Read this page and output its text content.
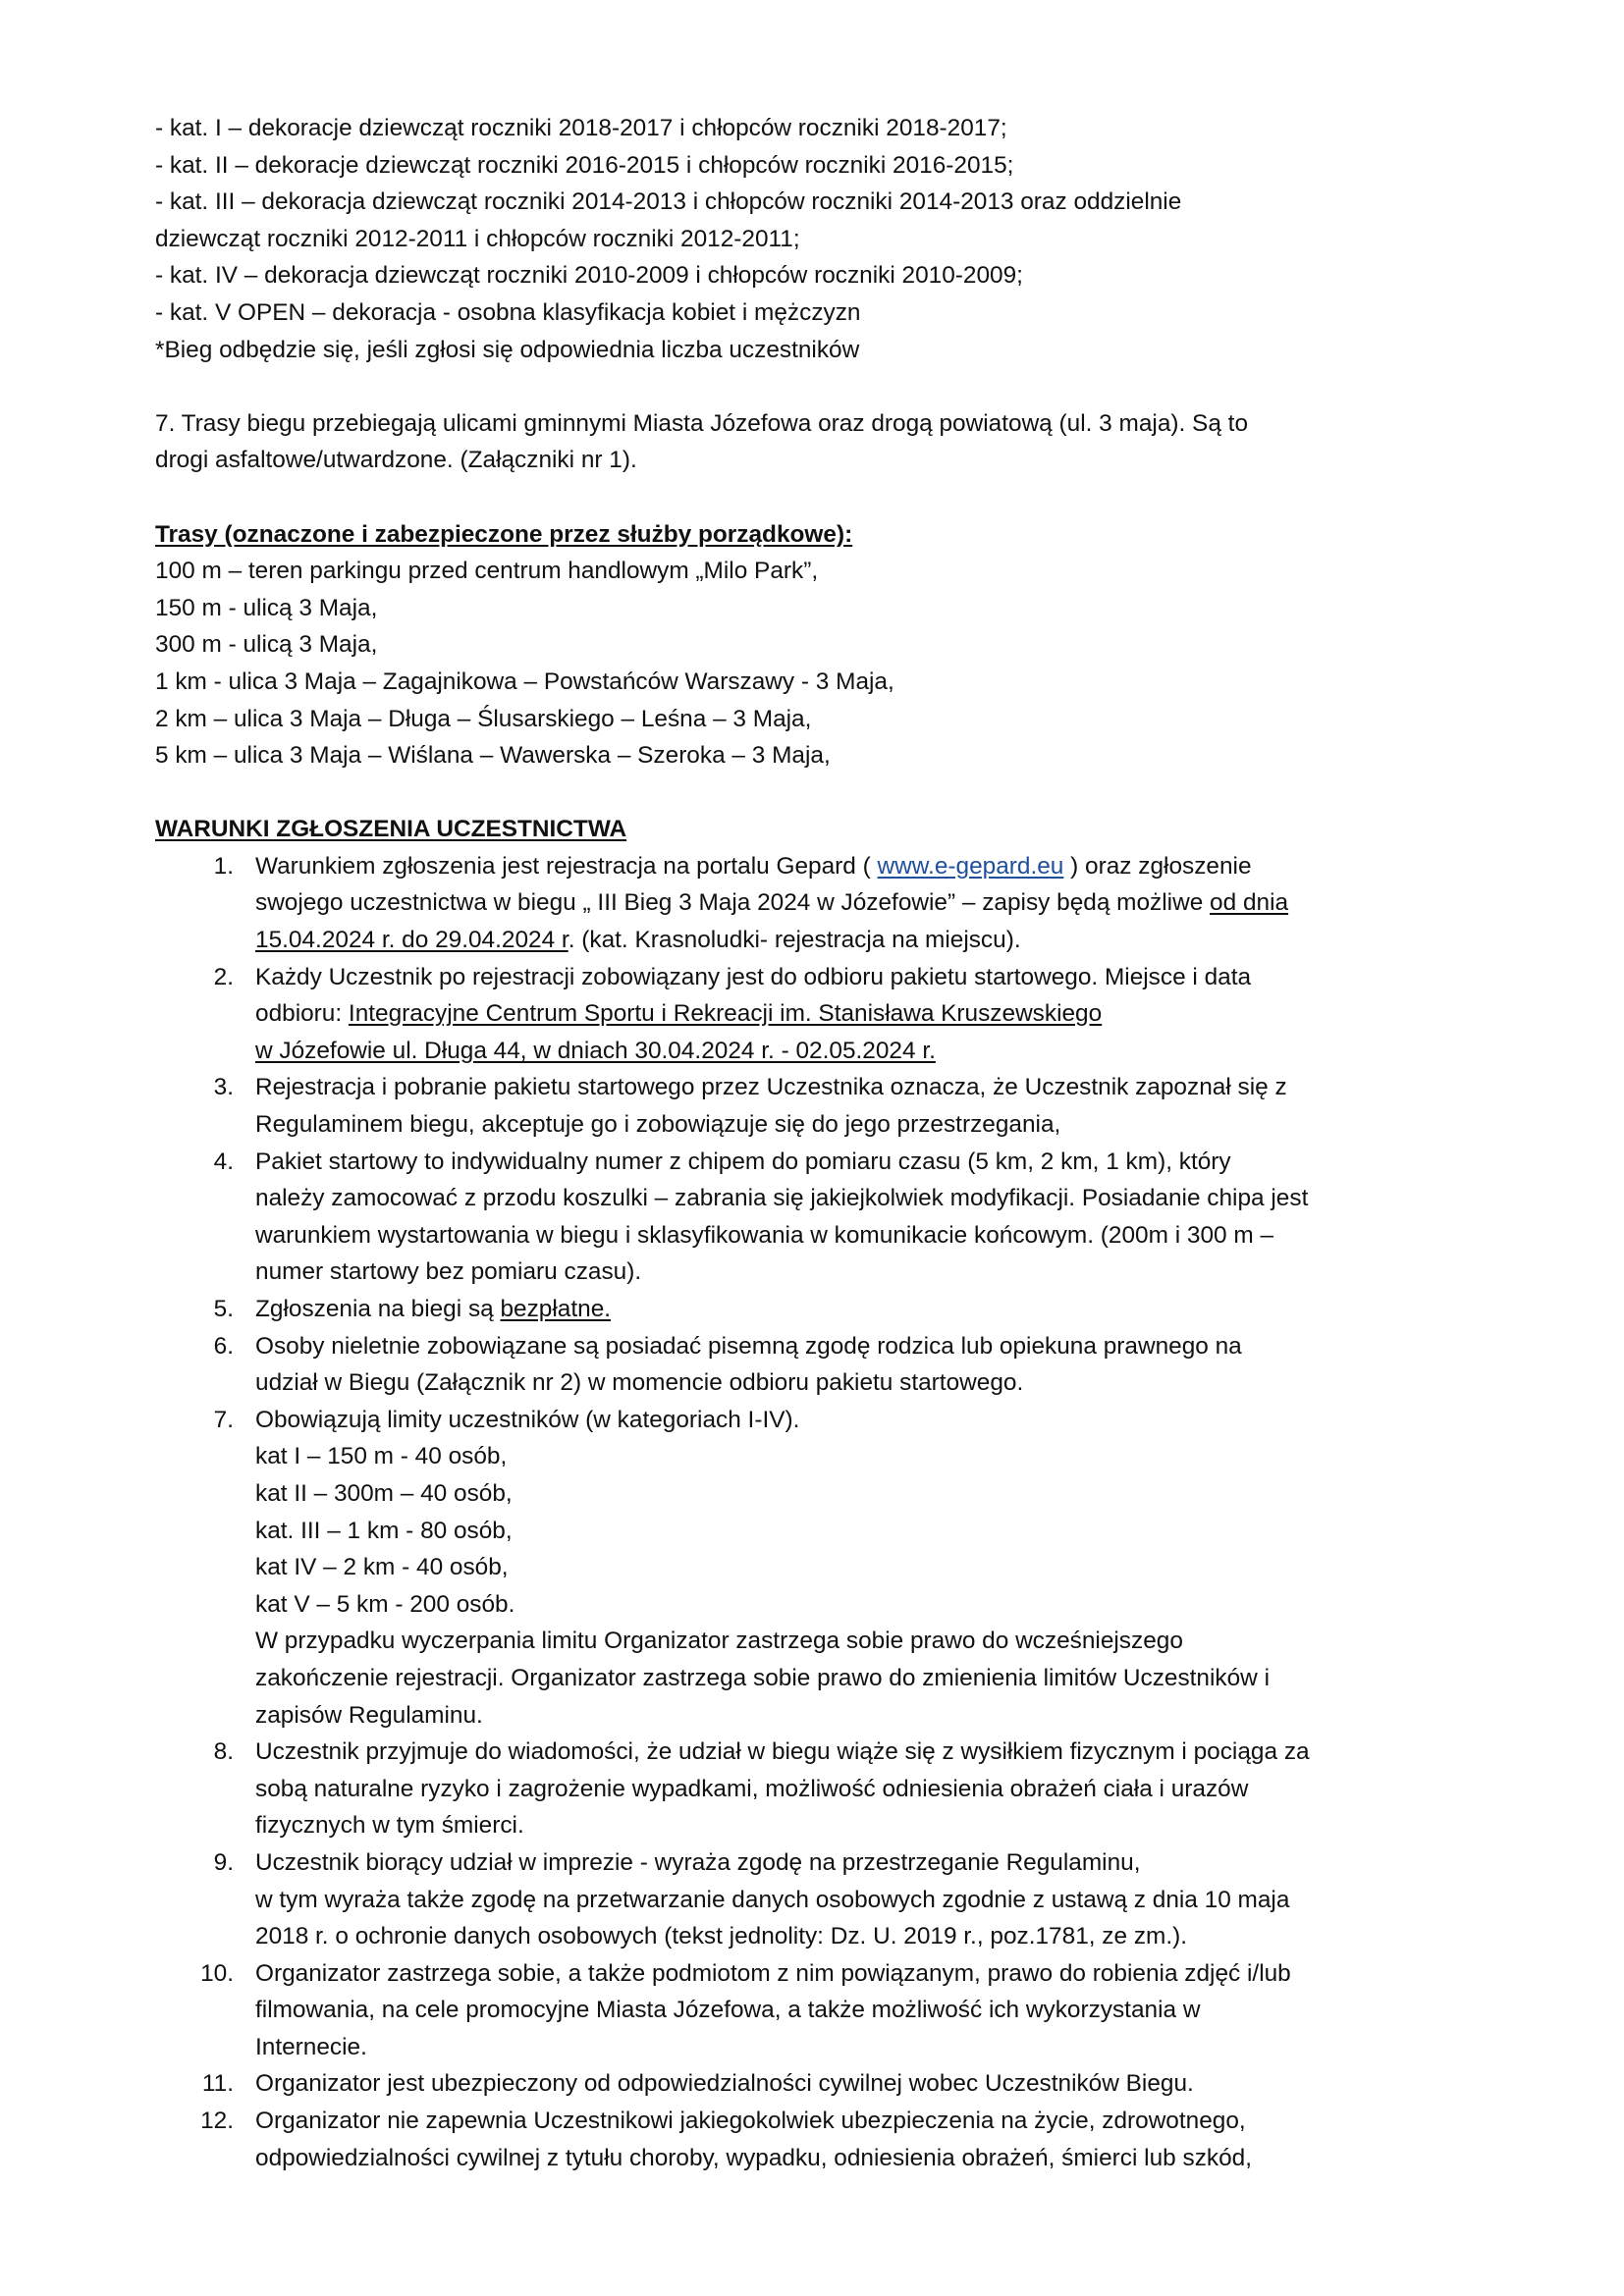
- kat. I – dekoracje dziewcząt roczniki 2018-2017 i chłopców roczniki 2018-2017;

- kat. II – dekoracje dziewcząt roczniki 2016-2015 i chłopców roczniki 2016-2015;

- kat. III – dekoracja dziewcząt roczniki 2014-2013 i chłopców roczniki 2014-2013 oraz oddzielnie

dziewcząt roczniki 2012-2011 i chłopców roczniki 2012-2011;

- kat. IV – dekoracja dziewcząt roczniki 2010-2009 i chłopców roczniki 2010-2009;

- kat. V OPEN – dekoracja - osobna klasyfikacja kobiet i mężczyzn

*Bieg odbędzie się, jeśli zgłosi się odpowiednia liczba uczestników

7. Trasy biegu przebiegają ulicami gminnymi Miasta Józefowa oraz drogą powiatową (ul. 3 maja). Są to

drogi asfaltowe/utwardzone. (Załączniki nr 1).

Trasy (oznaczone i zabezpieczone przez służby porządkowe):

100 m – teren parkingu przed centrum handlowym „Milo Park”,

150 m - ulicą 3 Maja,

300 m - ulicą 3 Maja,

1 km - ulica 3 Maja – Zagajnikowa – Powstańców Warszawy - 3 Maja,

2 km – ulica 3 Maja – Długa – Ślusarskiego – Leśna – 3 Maja,

5 km – ulica 3 Maja – Wiślana – Wawerska – Szeroka – 3 Maja,

WARUNKI ZGŁOSZENIA UCZESTNICTWA

1. Warunkiem zgłoszenia jest rejestracja na portalu Gepard ( www.e-gepard.eu ) oraz zgłoszenie

swojego uczestnictwa w biegu „ III Bieg 3 Maja 2024 w Józefowie” – zapisy będą możliwe od dnia

15.04.2024 r. do 29.04.2024 r. (kat. Krasnoludki- rejestracja na miejscu).

2. Każdy Uczestnik po rejestracji zobowiązany jest do odbioru pakietu startowego. Miejsce i data

odbioru: Integracyjne Centrum Sportu i Rekreacji im. Stanisława Kruszewskiego

w Józefowie ul. Długa 44, w dniach 30.04.2024 r. - 02.05.2024 r.

3. Rejestracja i pobranie pakietu startowego przez Uczestnika oznacza, że Uczestnik zapoznał się z

Regulaminem biegu, akceptuje go i zobowiązuje się do jego przestrzegania,

4. Pakiet startowy to indywidualny numer z chipem do pomiaru czasu (5 km, 2 km, 1 km), który

należy zamocować z przodu koszulki – zabrania się jakiejkolwiek modyfikacji. Posiadanie chipa jest

warunkiem wystartowania w biegu i sklasyfikowania w komunikacie końcowym. (200m i 300 m –

numer startowy bez pomiaru czasu).

5. Zgłoszenia na biegi są bezpłatne.

6. Osoby nieletnie zobowiązane są posiadać pisemną zgodę rodzica lub opiekuna prawnego na

udział w Biegu (Załącznik nr 2) w momencie odbioru pakietu startowego.

7. Obowiązują limity uczestników (w kategoriach I-IV).

kat I – 150 m - 40 osób,

kat II – 300m – 40 osób,

kat. III – 1 km - 80 osób,

kat IV – 2 km - 40 osób,

kat V – 5 km - 200 osób.

W przypadku wyczerpania limitu Organizator zastrzega sobie prawo do wcześniejszego

zakończenie rejestracji. Organizator zastrzega sobie prawo do zmienienia limitów Uczestników i

zapisów Regulaminu.

8. Uczestnik przyjmuje do wiadomości, że udział w biegu wiąże się z wysiłkiem fizycznym i pociąga za

sobą naturalne ryzyko i zagrożenie wypadkami, możliwość odniesienia obrażeń ciała i urazów

fizycznych w tym śmierci.

9. Uczestnik biorący udział w imprezie - wyraża zgodę na przestrzeganie Regulaminu,

w tym wyraża także zgodę na przetwarzanie danych osobowych zgodnie z ustawą z dnia 10 maja

2018 r. o ochronie danych osobowych (tekst jednolity: Dz. U. 2019 r., poz.1781, ze zm.).

10. Organizator zastrzega sobie, a także podmiotom z nim powiązanym, prawo do robienia zdjęć i/lub

filmowania, na cele promocyjne Miasta Józefowa, a także możliwość ich wykorzystania w

Internecie.

11. Organizator jest ubezpieczony od odpowiedzialności cywilnej wobec Uczestników Biegu.

12. Organizator nie zapewnia Uczestnikowi jakiegokolwiek ubezpieczenia na życie, zdrowotnego,

odpowiedzialności cywilnej z tytułu choroby, wypadku, odniesienia obrażeń, śmierci lub szkód,
